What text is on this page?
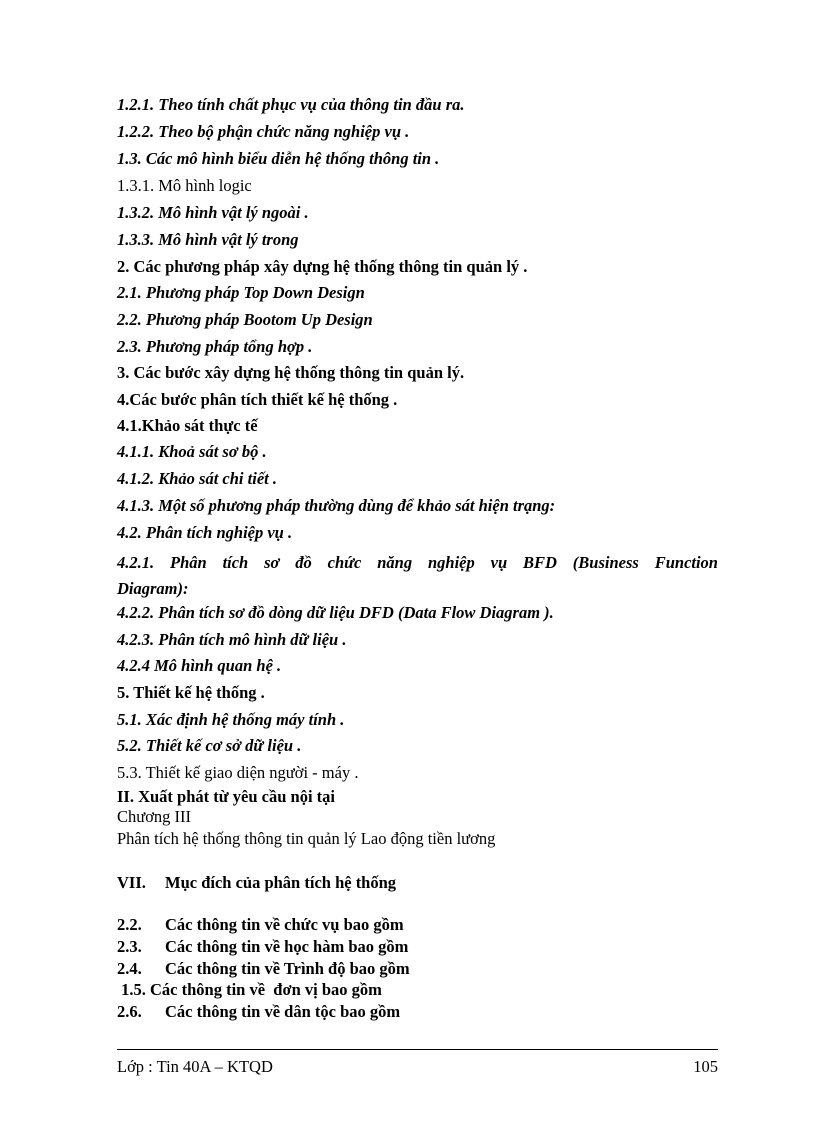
1.2.1. Theo tính chất phục vụ của thông tin đầu ra.
1.2.2. Theo bộ phận chức năng nghiệp vụ .
1.3. Các mô hình biểu diễn hệ thống thông tin .
1.3.1. Mô hình logic
1.3.2. Mô hình vật lý ngoài .
1.3.3. Mô hình vật lý trong
2. Các phương pháp xây dựng hệ thống thông tin quản lý .
2.1. Phương pháp Top Down Design
2.2. Phương pháp Bootom Up Design
2.3. Phương pháp tổng hợp .
3. Các bước xây dựng hệ thống thông tin quản lý.
4.Các bước phân tích thiết kế hệ thống .
4.1.Khảo sát thực tế
4.1.1. Khoả sát sơ bộ .
4.1.2. Khảo sát chi tiết .
4.1.3. Một số phương pháp thường dùng để khảo sát hiện trạng:
4.2. Phân tích nghiệp vụ .
4.2.1. Phân tích sơ đồ chức năng nghiệp vụ BFD (Business Function Diagram):
4.2.2. Phân tích sơ đồ dòng dữ liệu DFD (Data Flow Diagram ).
4.2.3. Phân tích mô hình dữ liệu .
4.2.4 Mô hình quan hệ .
5. Thiết kế hệ thống .
5.1. Xác định hệ thống máy tính .
5.2. Thiết kế cơ sở dữ liệu .
5.3. Thiết kế giao diện người - máy .
II. Xuất phát từ yêu cầu nội tại
Chương III
Phân tích hệ thống thông tin quản lý Lao động tiền lương
VII. Mục đích của phân tích hệ thống
2.2. Các thông tin về chức vụ bao gồm
2.3. Các thông tin về học hàm bao gồm
2.4. Các thông tin về Trình độ bao gồm
1.5. Các thông tin về  đơn vị bao gồm
2.6. Các thông tin về dân tộc bao gồm
Lớp : Tin 40A – KTQD	105
